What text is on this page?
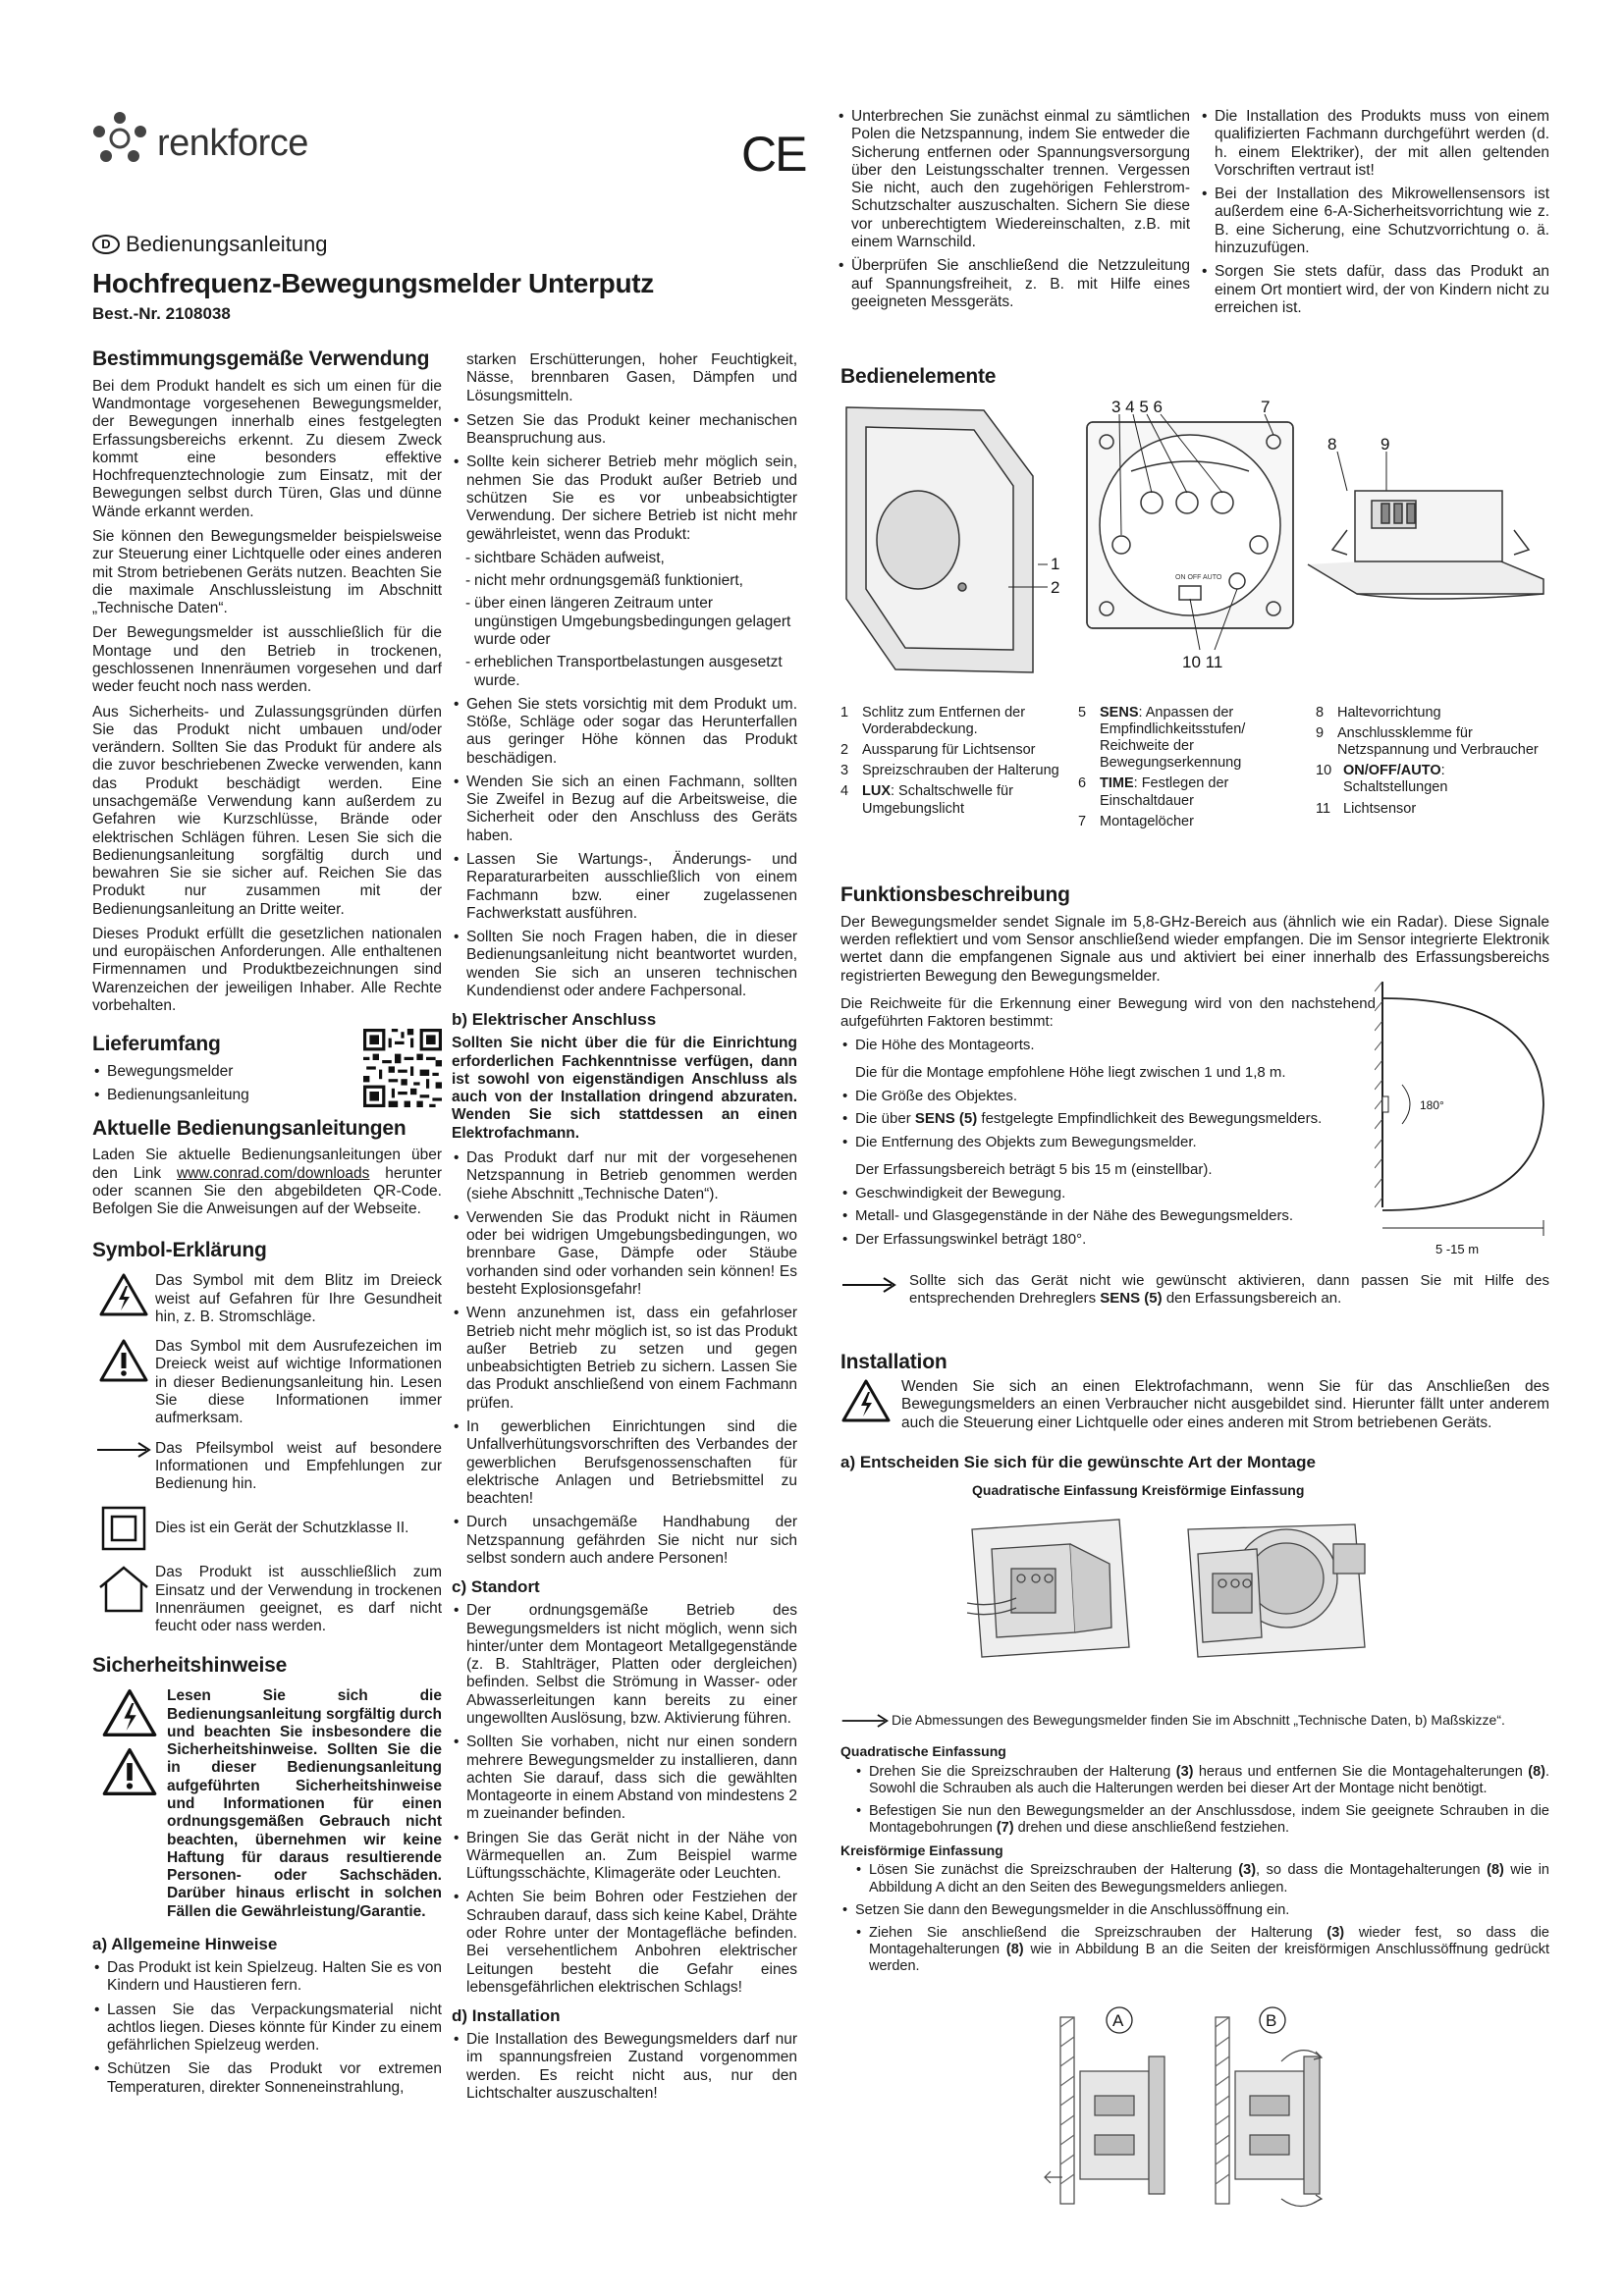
renkforce	CE
D Bedienungsanleitung
Hochfrequenz-Bewegungsmelder Unterputz
Best.-Nr. 2108038
Bestimmungsgemäße Verwendung

Bei dem Produkt handelt es sich um einen für die Wandmontage vorgesehenen Bewegungsmelder, der Bewegungen innerhalb eines festgelegten Erfassungsbereichs erkennt. Zu diesem Zweck kommt eine besonders effektive Hochfrequenztechnologie zum Einsatz, mit der Bewegungen selbst durch Türen, Glas und dünne Wände erkannt werden.

Sie können den Bewegungsmelder beispielsweise zur Steuerung einer Lichtquelle oder eines anderen mit Strom betriebenen Geräts nutzen. Beachten Sie die maximale Anschlussleistung im Abschnitt „Technische Daten“.

Der Bewegungsmelder ist ausschließlich für die Montage und den Betrieb in trockenen, geschlossenen Innenräumen vorgesehen und darf weder feucht noch nass werden.

Aus Sicherheits- und Zulassungsgründen dürfen Sie das Produkt nicht umbauen und/oder verändern. Sollten Sie das Produkt für andere als die zuvor beschriebenen Zwecke verwenden, kann das Produkt beschädigt werden. Eine unsachgemäße Verwendung kann außerdem zu Gefahren wie Kurzschlüsse, Brände oder elektrischen Schlägen führen. Lesen Sie sich die Bedienungsanleitung sorgfältig durch und bewahren Sie sie sicher auf. Reichen Sie das Produkt nur zusammen mit der Bedienungsanleitung an Dritte weiter.

Dieses Produkt erfüllt die gesetzlichen nationalen und europäischen Anforderungen. Alle enthaltenen Firmennamen und Produktbezeichnungen sind Warenzeichen der jeweiligen Inhaber. Alle Rechte vorbehalten.

Lieferumfang
• Bewegungsmelder
• Bedienungsanleitung
Aktuelle Bedienungsanleitungen

Laden Sie aktuelle Bedienungsanleitungen über den Link www.conrad.com/downloads herunter oder scannen Sie den abgebildeten QR-Code. Befolgen Sie die Anweisungen auf der Webseite.

Symbol-Erklärung
Das Symbol mit dem Blitz im Dreieck weist auf Gefahren für Ihre Gesundheit hin, z. B. Stromschläge.
Das Symbol mit dem Ausrufezeichen im Dreieck weist auf wichtige Informationen in dieser Bedienungsanleitung hin. Lesen Sie diese Informationen immer aufmerksam.
Das Pfeilsymbol weist auf besondere Informationen und Empfehlungen zur Bedienung hin.
Dies ist ein Gerät der Schutzklasse II.
Das Produkt ist ausschließlich zum Einsatz und der Verwendung in trockenen Innenräumen geeignet, es darf nicht feucht oder nass werden.
Sicherheitshinweise
Lesen Sie sich die Bedienungsanleitung sorgfältig durch und beachten Sie insbesondere die Sicherheitshinweise. Sollten Sie die in dieser Bedienungsanleitung aufgeführten Sicherheitshinweise und Informationen für einen ordnungsgemäßen Gebrauch nicht beachten, übernehmen wir keine Haftung für daraus resultierende Personen- oder Sachschäden. Darüber hinaus erlischt in solchen Fällen die Gewährleistung/Garantie.
a) Allgemeine Hinweise
• Das Produkt ist kein Spielzeug. Halten Sie es von Kindern und Haustieren fern.
• Lassen Sie das Verpackungsmaterial nicht achtlos liegen. Dieses könnte für Kinder zu einem gefährlichen Spielzeug werden.
• Schützen Sie das Produkt vor extremen Temperaturen, direkter Sonneneinstrahlung,

starken Erschütterungen, hoher Feuchtigkeit, Nässe, brennbaren Gasen, Dämpfen und Lösungsmitteln.

• Setzen Sie das Produkt keiner mechanischen Beanspruchung aus.
• Sollte kein sicherer Betrieb mehr möglich sein, nehmen Sie das Produkt außer Betrieb und schützen Sie es vor unbeabsichtigter Verwendung. Der sichere Betrieb ist nicht mehr gewährleistet, wenn das Produkt:
- sichtbare Schäden aufweist,
- nicht mehr ordnungsgemäß funktioniert,
- über einen längeren Zeitraum unter ungünstigen Umgebungsbedingungen gelagert wurde oder
- erheblichen Transportbelastungen ausgesetzt wurde.
• Gehen Sie stets vorsichtig mit dem Produkt um. Stöße, Schläge oder sogar das Herunterfallen aus geringer Höhe können das Produkt beschädigen.
• Wenden Sie sich an einen Fachmann, sollten Sie Zweifel in Bezug auf die Arbeitsweise, die Sicherheit oder den Anschluss des Geräts haben.
• Lassen Sie Wartungs-, Änderungs- und Reparaturarbeiten ausschließlich von einem Fachmann bzw. einer zugelassenen Fachwerkstatt ausführen.
• Sollten Sie noch Fragen haben, die in dieser Bedienungsanleitung nicht beantwortet wurden, wenden Sie sich an unseren technischen Kundendienst oder andere Fachpersonal.
b) Elektrischer Anschluss

Sollten Sie nicht über die für die Einrichtung erforderlichen Fachkenntnisse verfügen, dann ist sowohl von eigenständigen Anschluss als auch von der Installation dringend abzuraten. Wenden Sie sich stattdessen an einen Elektrofachmann.

• Das Produkt darf nur mit der vorgesehenen Netzspannung in Betrieb genommen werden (siehe Abschnitt „Technische Daten“).
• Verwenden Sie das Produkt nicht in Räumen oder bei widrigen Umgebungsbedingungen, wo brennbare Gase, Dämpfe oder Stäube vorhanden sind oder vorhanden sein können! Es besteht Explosionsgefahr!
• Wenn anzunehmen ist, dass ein gefahrloser Betrieb nicht mehr möglich ist, so ist das Produkt außer Betrieb zu setzen und gegen unbeabsichtigten Betrieb zu sichern. Lassen Sie das Produkt anschließend von einem Fachmann prüfen.
• In gewerblichen Einrichtungen sind die Unfallverhütungsvorschriften des Verbandes der gewerblichen Berufsgenossenschaften für elektrische Anlagen und Betriebsmittel zu beachten!
• Durch unsachgemäße Handhabung der Netzspannung gefährden Sie nicht nur sich selbst sondern auch andere Personen!
c) Standort
• Der ordnungsgemäße Betrieb des Bewegungsmelders ist nicht möglich, wenn sich hinter/unter dem Montageort Metallgegenstände (z. B. Stahlträger, Platten oder dergleichen) befinden. Selbst die Strömung in Wasser- oder Abwasserleitungen kann bereits zu einer ungewollten Auslösung, bzw. Aktivierung führen.
• Sollten Sie vorhaben, nicht nur einen sondern mehrere Bewegungsmelder zu installieren, dann achten Sie darauf, dass sich die gewählten Montageorte in einem Abstand von mindestens 2 m zueinander befinden.
• Bringen Sie das Gerät nicht in der Nähe von Wärmequellen an. Zum Beispiel warme Lüftungsschächte, Klimageräte oder Leuchten.
• Achten Sie beim Bohren oder Festziehen der Schrauben darauf, dass sich keine Kabel, Drähte oder Rohre unter der Montagefläche befinden. Bei versehentlichem Anbohren elektrischer Leitungen besteht die Gefahr eines lebensgefährlichen elektrischen Schlags!
d) Installation
• Die Installation des Bewegungsmelders darf nur im spannungsfreien Zustand vorgenommen werden. Es reicht nicht aus, nur den Lichtschalter auszuschalten!
• Unterbrechen Sie zunächst einmal zu sämtlichen Polen die Netzspannung, indem Sie entweder die Sicherung entfernen oder Spannungsversorgung über den Leistungsschalter trennen. Vergessen Sie nicht, auch den zugehörigen Fehlerstrom-Schutzschalter auszuschalten. Sichern Sie diese vor unberechtigtem Wiedereinschalten, z.B. mit einem Warnschild.
• Überprüfen Sie anschließend die Netzzuleitung auf Spannungsfreiheit, z. B. mit Hilfe eines geeigneten Messgeräts.
• Die Installation des Produkts muss von einem qualifizierten Fachmann durchgeführt werden (d. h. einem Elektriker), der mit allen geltenden Vorschriften vertraut ist!
• Bei der Installation des Mikrowellensensors ist außerdem eine 6-A-Sicherheitsvorrichtung wie z. B. eine Sicherung, eine Schutzvorrichtung o. ä. hinzuzufügen.
• Sorgen Sie stets dafür, dass das Produkt an einem Ort montiert wird, der von Kindern nicht zu erreichen ist.
Bedienelemente
ON OFF AUTO
3 4 5 6	7
1
2
10 11
8	9
1 Schlitz zum Entfernen der Vorderabdeckung.
2 Aussparung für Lichtsensor
3 Spreizschrauben der Halterung
4 LUX: Schaltschwelle für Umgebungslicht
5 SENS: Anpassen der Empfindlichkeitsstufen/ Reichweite der Bewegungserkennung
6 TIME: Festlegen der Einschaltdauer
7 Montagelöcher
8 Haltevorrichtung
9 Anschlussklemme für Netzspannung und Verbraucher
10 ON/OFF/AUTO: Schaltstellungen
11 Lichtsensor
Funktionsbeschreibung

Der Bewegungsmelder sendet Signale im 5,8-GHz-Bereich aus (ähnlich wie ein Radar). Diese Signale werden reflektiert und vom Sensor anschließend wieder empfangen. Die im Sensor integrierte Elektronik wertet dann die empfangenen Signale aus und aktiviert bei einer innerhalb des Erfassungsbereichs registrierten Bewegung den Bewegungsmelder.

Die Reichweite für die Erkennung einer Bewegung wird von den nachstehend aufgeführten Faktoren bestimmt:

• Die Höhe des Montageorts.
Die für die Montage empfohlene Höhe liegt zwischen 1 und 1,8 m.
• Die Größe des Objektes.
• Die über SENS (5) festgelegte Empfindlichkeit des Bewegungsmelders.
• Die Entfernung des Objekts zum Bewegungsmelder.
Der Erfassungsbereich beträgt 5 bis 15 m (einstellbar).
• Geschwindigkeit der Bewegung.
• Metall- und Glasgegenstände in der Nähe des Bewegungsmelders.
• Der Erfassungswinkel beträgt 180°.
180°
5 -15 m
Sollte sich das Gerät nicht wie gewünscht aktivieren, dann passen Sie mit Hilfe des entsprechenden Drehreglers SENS (5) den Erfassungsbereich an.
Installation
Wenden Sie sich an einen Elektrofachmann, wenn Sie für das Anschließen des Bewegungsmelders an einen Verbraucher nicht ausgebildet sind. Hierunter fällt unter anderem auch die Steuerung einer Lichtquelle oder eines anderen mit Strom betriebenen Geräts.
a) Entscheiden Sie sich für die gewünschte Art der Montage
Quadratische Einfassung Kreisförmige Einfassung
Die Abmessungen des Bewegungsmelder finden Sie im Abschnitt „Technische Daten, b) Maßskizze“.
Quadratische Einfassung
• Drehen Sie die Spreizschrauben der Halterung (3) heraus und entfernen Sie die Montagehalterungen (8). Sowohl die Schrauben als auch die Halterungen werden bei dieser Art der Montage nicht benötigt.
• Befestigen Sie nun den Bewegungsmelder an der Anschlussdose, indem Sie geeignete Schrauben in die Montagebohrungen (7) drehen und diese anschließend festziehen.
Kreisförmige Einfassung
• Lösen Sie zunächst die Spreizschrauben der Halterung (3), so dass die Montagehalterungen (8) wie in Abbildung A dicht an den Seiten des Bewegungsmelders anliegen.
• Setzen Sie dann den Bewegungsmelder in die Anschlussöffnung ein.
• Ziehen Sie anschließend die Spreizschrauben der Halterung (3) wieder fest, so dass die Montagehalterungen (8) wie in Abbildung B an die Seiten der kreisförmigen Anschlussöffnung gedrückt werden.
A	B
